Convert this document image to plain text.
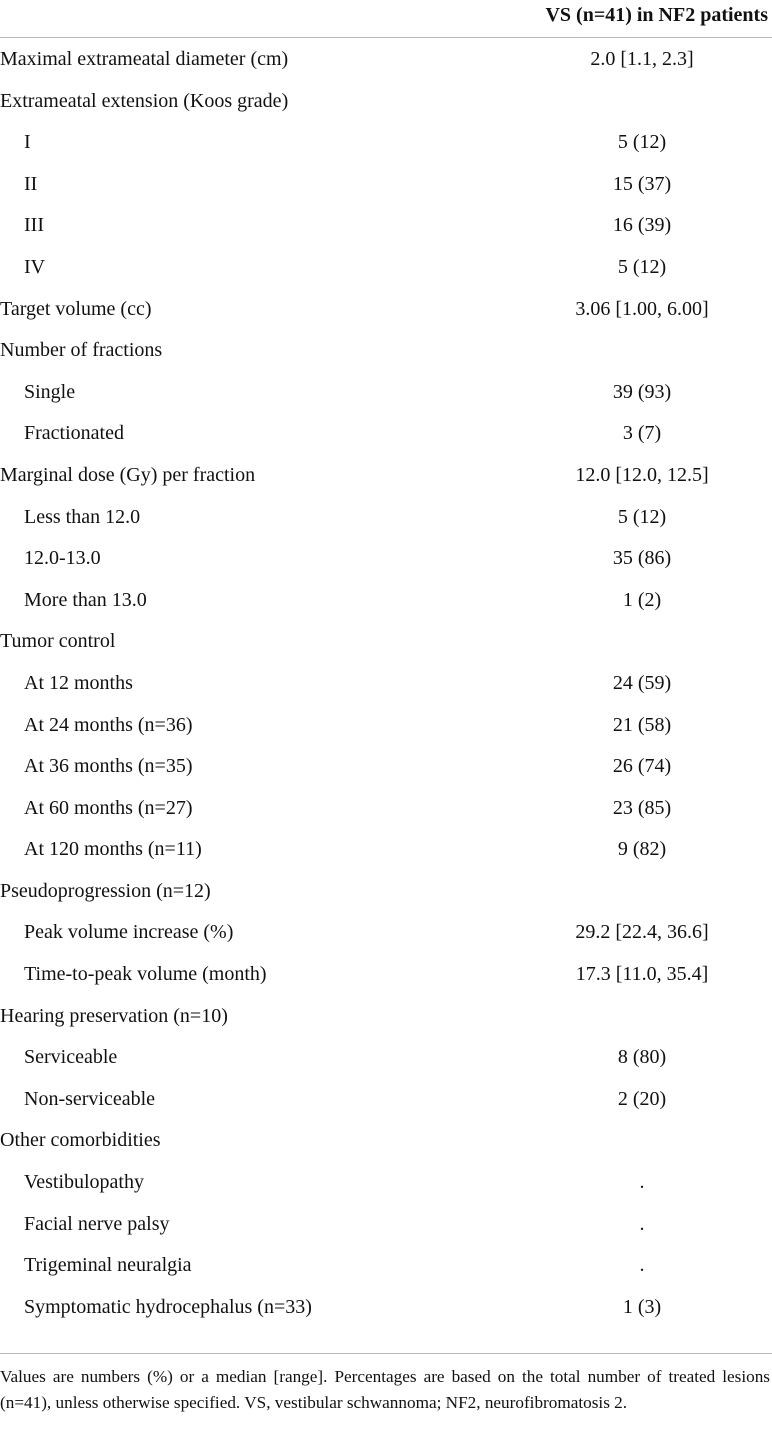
VS (n=41) in NF2 patients
Maximal extrameatal diameter (cm)	2.0 [1.1, 2.3]
Extrameatal extension (Koos grade)
I	5 (12)
II	15 (37)
III	16 (39)
IV	5 (12)
Target volume (cc)	3.06 [1.00, 6.00]
Number of fractions
Single	39 (93)
Fractionated	3 (7)
Marginal dose (Gy) per fraction	12.0 [12.0, 12.5]
Less than 12.0	5 (12)
12.0-13.0	35 (86)
More than 13.0	1 (2)
Tumor control
At 12 months	24 (59)
At 24 months (n=36)	21 (58)
At 36 months (n=35)	26 (74)
At 60 months (n=27)	23 (85)
At 120 months (n=11)	9 (82)
Pseudoprogression (n=12)
Peak volume increase (%)	29.2 [22.4, 36.6]
Time-to-peak volume (month)	17.3 [11.0, 35.4]
Hearing preservation (n=10)
Serviceable	8 (80)
Non-serviceable	2 (20)
Other comorbidities
Vestibulopathy	.
Facial nerve palsy	.
Trigeminal neuralgia	.
Symptomatic hydrocephalus (n=33)	1 (3)
Values are numbers (%) or a median [range]. Percentages are based on the total number of treated lesions (n=41), unless otherwise specified. VS, vestibular schwannoma; NF2, neurofibromatosis 2.
